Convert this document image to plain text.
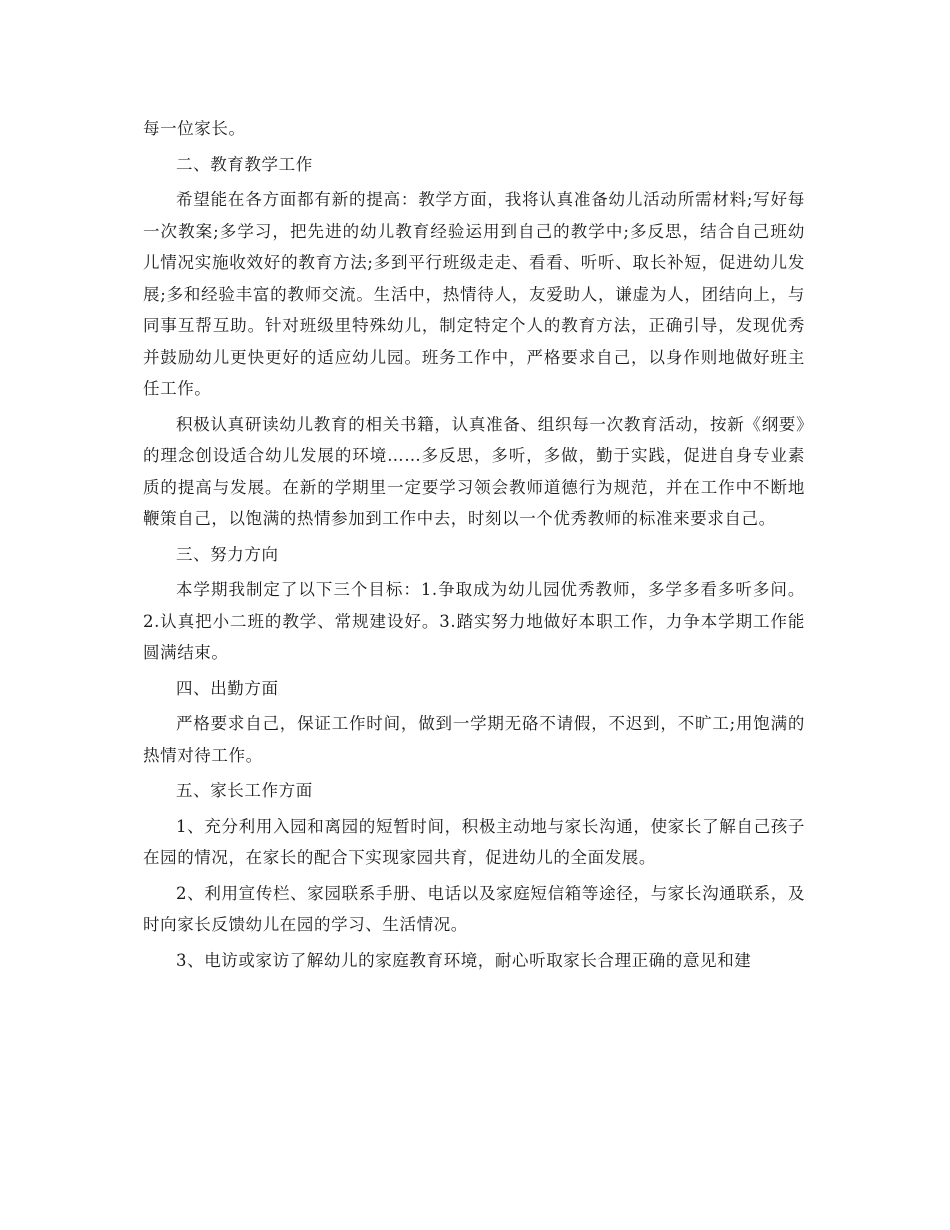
每一位家长。
二、教育教学工作
希望能在各方面都有新的提高：教学方面，我将认真准备幼儿活动所需材料;写好每一次教案;多学习，把先进的幼儿教育经验运用到自己的教学中;多反思，结合自己班幼儿情况实施收效好的教育方法;多到平行班级走走、看看、听听、取长补短，促进幼儿发展;多和经验丰富的教师交流。生活中，热情待人，友爱助人，谦虚为人，团结向上，与同事互帮互助。针对班级里特殊幼儿，制定特定个人的教育方法，正确引导，发现优秀并鼓励幼儿更快更好的适应幼儿园。班务工作中，严格要求自己，以身作则地做好班主任工作。
积极认真研读幼儿教育的相关书籍，认真准备、组织每一次教育活动，按新《纲要》的理念创设适合幼儿发展的环境……多反思，多听，多做，勤于实践，促进自身专业素质的提高与发展。在新的学期里一定要学习领会教师道德行为规范，并在工作中不断地鞭策自己，以饱满的热情参加到工作中去，时刻以一个优秀教师的标准来要求自己。
三、努力方向
本学期我制定了以下三个目标：1.争取成为幼儿园优秀教师，多学多看多听多问。2.认真把小二班的教学、常规建设好。3.踏实努力地做好本职工作，力争本学期工作能圆满结束。
四、出勤方面
严格要求自己，保证工作时间，做到一学期无硌不请假，不迟到，不旷工;用饱满的热情对待工作。
五、家长工作方面
1、充分利用入园和离园的短暂时间，积极主动地与家长沟通，使家长了解自己孩子在园的情况，在家长的配合下实现家园共育，促进幼儿的全面发展。
2、利用宣传栏、家园联系手册、电话以及家庭短信箱等途径，与家长沟通联系，及时向家长反馈幼儿在园的学习、生活情况。
3、电访或家访了解幼儿的家庭教育环境，耐心听取家长合理正确的意见和建
